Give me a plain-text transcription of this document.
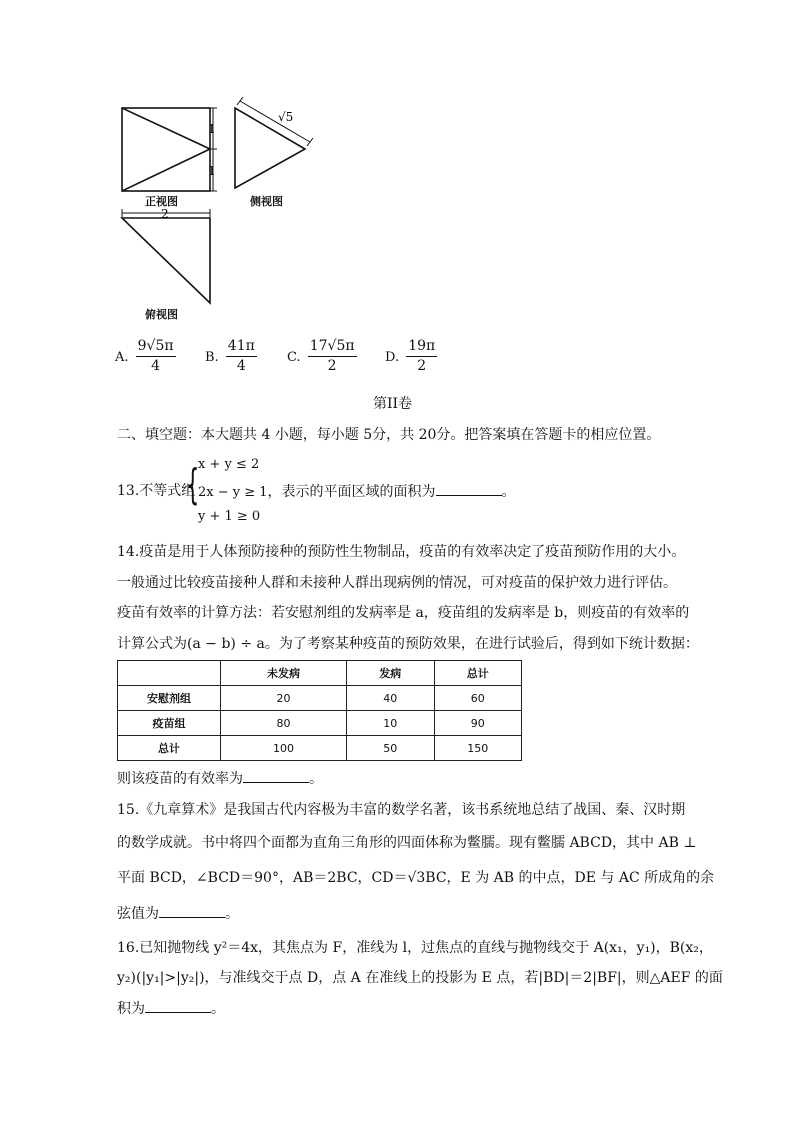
1
1
√5
2
正视图	侧视图
俯视图
A. $\frac{9√5\pi}{4} B$. $\frac{41\pi}{4} C$. $\frac{17√5\pi}{2} D$. $\frac{19\pi}{2}$
第II卷
二、填空题：本大题共 4 小题，每小题 5分，共 20分。把答案填在答题卡的相应位置。
13.不等式组
{
x + y ≤ 2
2x − y ≥ 1，表示的平面区域的面积为	。
y + 1 ≥ 0
14.疫苗是用于人体预防接种的预防性生物制品，疫苗的有效率决定了疫苗预防作用的大小。
一般通过比较疫苗接种人群和未接种人群出现病例的情况，可对疫苗的保护效力进行评估。
疫苗有效率的计算方法：若安慰剂组的发病率是 a，疫苗组的发病率是 b，则疫苗的有效率的
计算公式为(a − b) ÷ a。为了考察某种疫苗的预防效果，在进行试验后，得到如下统计数据：
	未发病	发病	总计
安慰剂组	20	40	60
疫苗组	80	10	90
总计	100	50	150
则该疫苗的有效率为	。
15.《九章算术》是我国古代内容极为丰富的数学名著，该书系统地总结了战国、秦、汉时期
的数学成就。书中将四个面都为直角三角形的四面体称为鳖臑。现有鳖臑 ABCD，其中 AB ⊥
平面 BCD，∠BCD＝90°，AB＝2BC，CD＝√3BC，E 为 AB 的中点，DE 与 AC 所成角的余
弦值为	。
16.已知抛物线 y²＝4x，其焦点为 F，准线为 l，过焦点的直线与抛物线交于 A(x₁，y₁)，B(x₂，
y₂)(|y₁|>|y₂|)，与准线交于点 D，点 A 在准线上的投影为 E 点，若|BD|＝2|BF|，则△AEF 的面
积为	。
